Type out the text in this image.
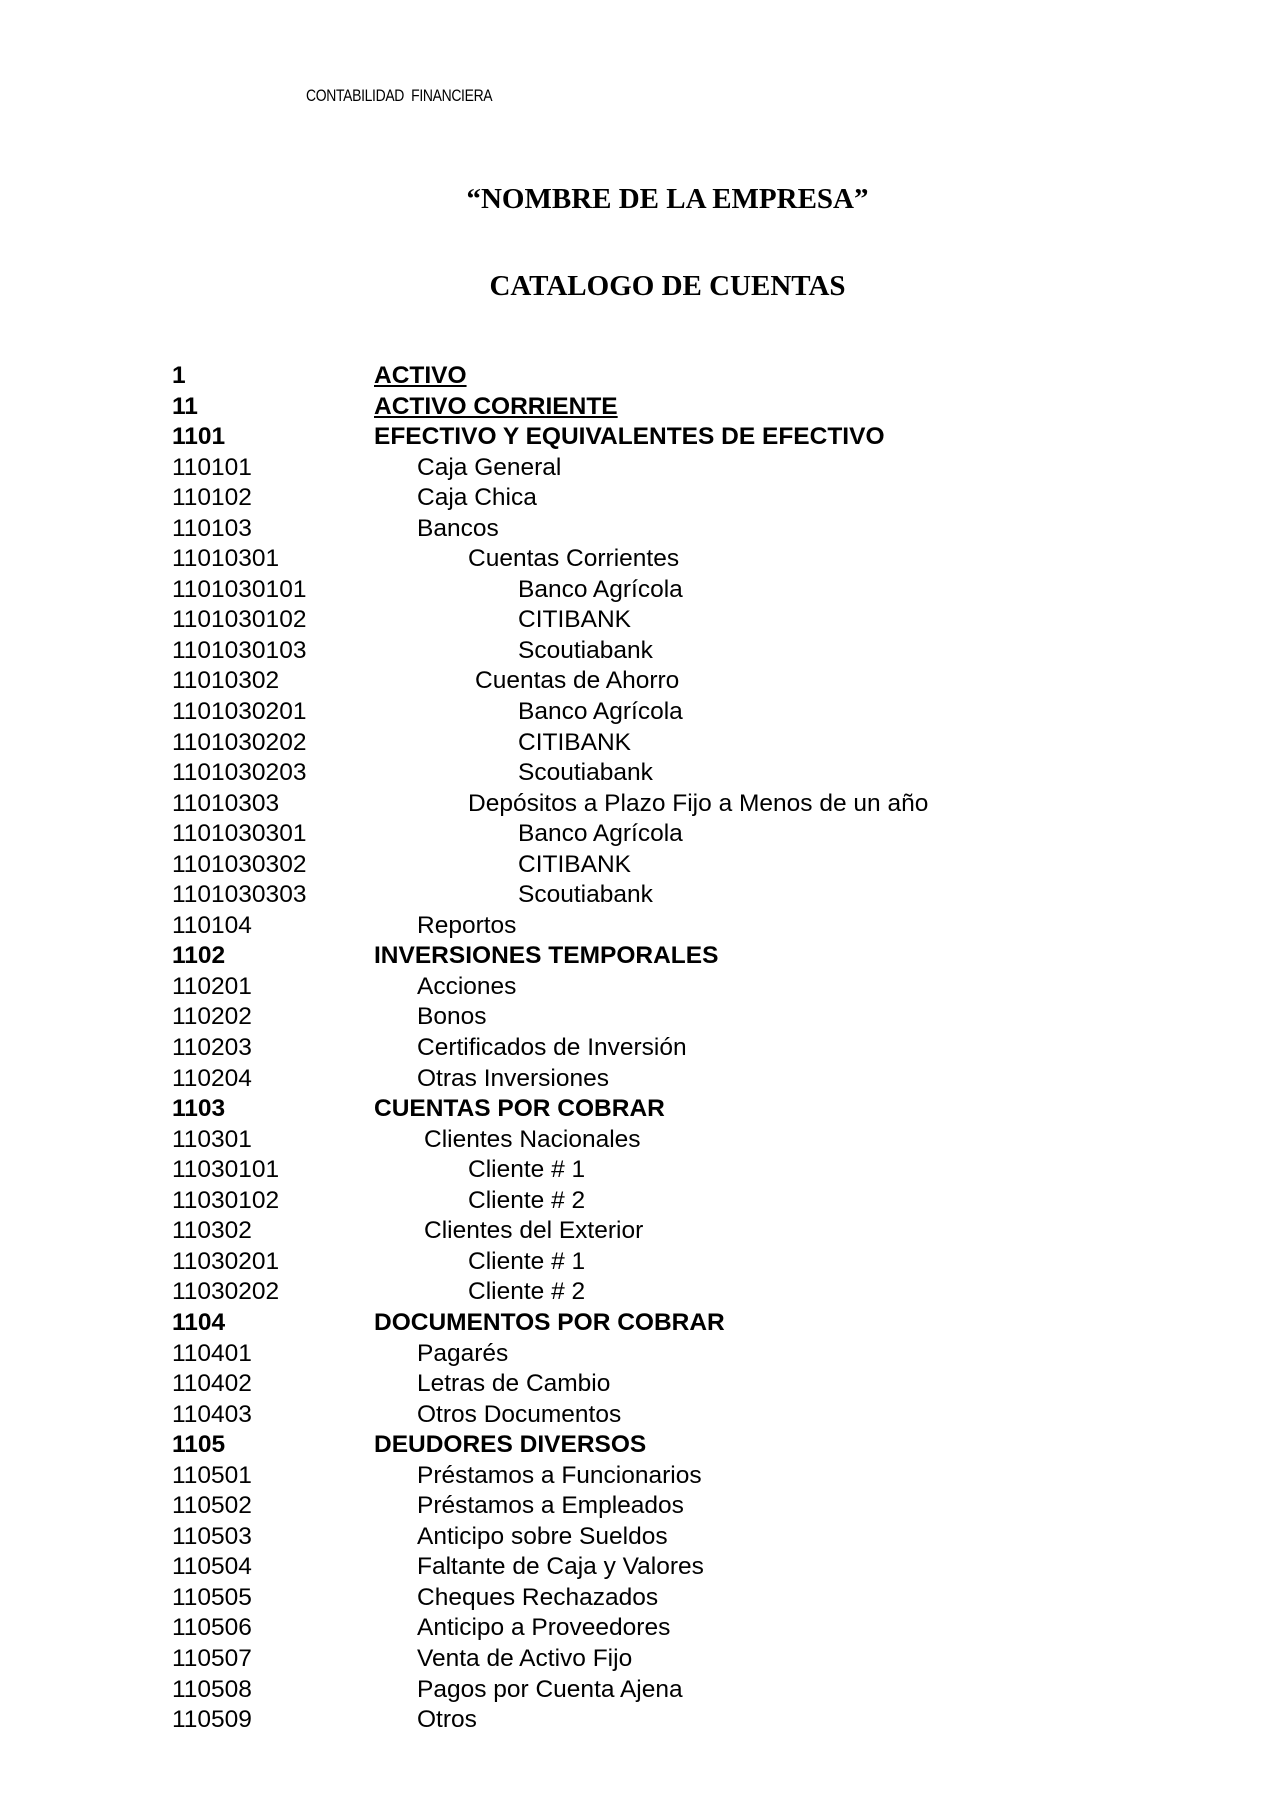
CONTABILIDAD  FINANCIERA
“NOMBRE DE LA EMPRESA”
CATALOGO DE CUENTAS
1	ACTIVO
11	ACTIVO CORRIENTE
1101	EFECTIVO Y EQUIVALENTES DE EFECTIVO
110101	Caja General
110102	Caja Chica
110103	Bancos
11010301	Cuentas Corrientes
1101030101	Banco Agrícola
1101030102	CITIBANK
1101030103	Scoutiabank
11010302	Cuentas de Ahorro
1101030201	Banco Agrícola
1101030202	CITIBANK
1101030203	Scoutiabank
11010303	Depósitos a Plazo Fijo a Menos de un año
1101030301	Banco Agrícola
1101030302	CITIBANK
1101030303	Scoutiabank
110104	Reportos
1102	INVERSIONES TEMPORALES
110201	Acciones
110202	Bonos
110203	Certificados de Inversión
110204	Otras Inversiones
1103	CUENTAS POR COBRAR
110301	Clientes Nacionales
11030101	Cliente # 1
11030102	Cliente # 2
110302	Clientes del Exterior
11030201	Cliente # 1
11030202	Cliente # 2
1104	DOCUMENTOS POR COBRAR
110401	Pagarés
110402	Letras de Cambio
110403	Otros Documentos
1105	DEUDORES DIVERSOS
110501	Préstamos a Funcionarios
110502	Préstamos a Empleados
110503	Anticipo sobre Sueldos
110504	Faltante de Caja y Valores
110505	Cheques Rechazados
110506	Anticipo a Proveedores
110507	Venta de Activo Fijo
110508	Pagos por Cuenta Ajena
110509	Otros
